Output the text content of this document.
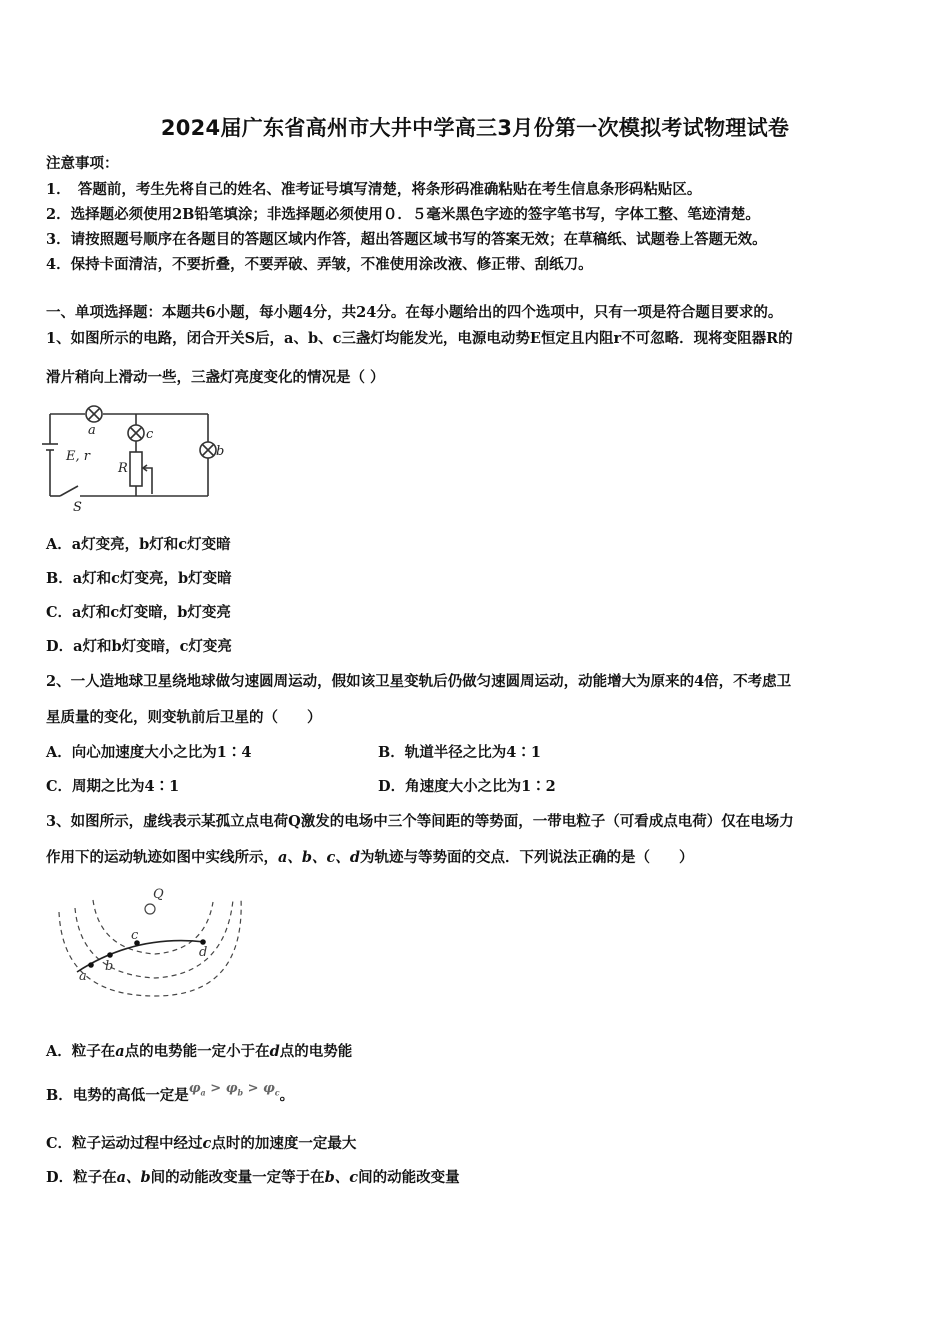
2024届广东省高州市大井中学高三3月份第一次模拟考试物理试卷
注意事项：
1．　答题前，考生先将自己的姓名、准考证号填写清楚，将条形码准确粘贴在考生信息条形码粘贴区。
2．选择题必须使用2B铅笔填涂；非选择题必须使用０．５毫米黑色字迹的签字笔书写，字体工整、笔迹清楚。
3．请按照题号顺序在各题目的答题区域内作答，超出答题区域书写的答案无效；在草稿纸、试题卷上答题无效。
4．保持卡面清洁，不要折叠，不要弄破、弄皱，不准使用涂改液、修正带、刮纸刀。
一、单项选择题：本题共6小题，每小题4分，共24分。在每小题给出的四个选项中，只有一项是符合题目要求的。
1、如图所示的电路，闭合开关S后，a、b、c三盏灯均能发光，电源电动势E恒定且内阻r不可忽略．现将变阻器R的
滑片稍向上滑动一些，三盏灯亮度变化的情况是（ ）
a	c
b
E, r
R
S
A．a灯变亮，b灯和c灯变暗
B．a灯和c灯变亮，b灯变暗
C．a灯和c灯变暗，b灯变亮
D．a灯和b灯变暗，c灯变亮
2、一人造地球卫星绕地球做匀速圆周运动，假如该卫星变轨后仍做匀速圆周运动，动能增大为原来的4倍，不考虑卫
星质量的变化，则变轨前后卫星的（　　）
A．向心加速度大小之比为1∶4	B．轨道半径之比为4∶1
C．周期之比为4∶1	D．角速度大小之比为1∶2
3、如图所示，虚线表示某孤立点电荷Q激发的电场中三个等间距的等势面，一带电粒子（可看成点电荷）仅在电场力
作用下的运动轨迹如图中实线所示，a、b、c、d为轨迹与等势面的交点．下列说法正确的是（　　）
Q
a
b
c
d
A．粒子在a点的电势能一定小于在d点的电势能
B．电势的高低一定是$\varphi_a > \varphi_b > \varphi_c$。
C．粒子运动过程中经过c点时的加速度一定最大
D．粒子在a、b间的动能改变量一定等于在b、c间的动能改变量
